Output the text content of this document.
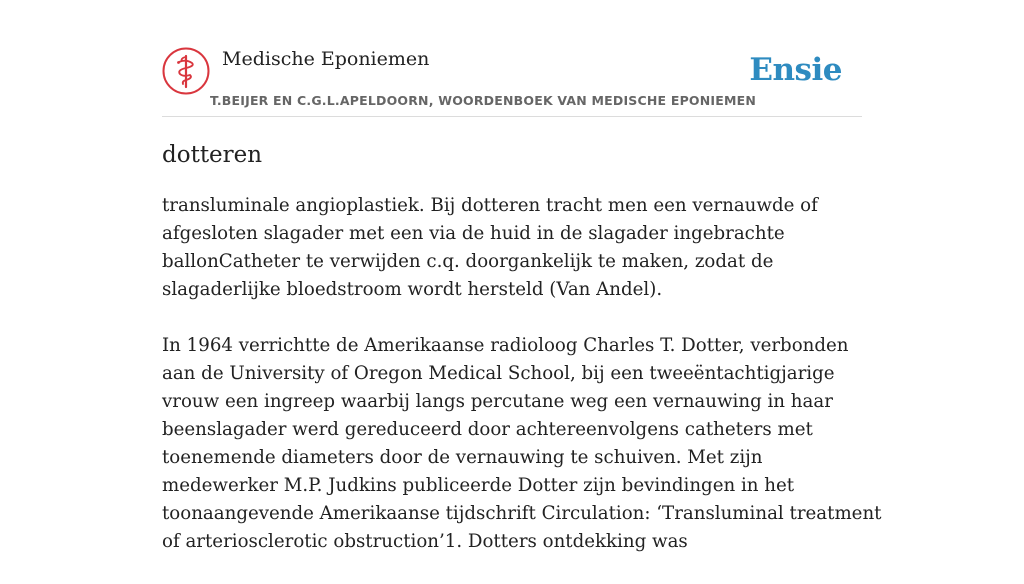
Medische Eponiemen
T.BEIJER EN C.G.L.APELDOORN, WOORDENBOEK VAN MEDISCHE EPONIEMEN
Ensie
dotteren

transluminale angioplastiek. Bij dotteren tracht men een vernauwde of afgesloten slagader met een via de huid in de slagader ingebrachte ballonCatheter te verwijden c.q. doorgankelijk te maken, zodat de slagaderlijke bloedstroom wordt hersteld (Van Andel).

In 1964 verrichtte de Amerikaanse radioloog Charles T. Dotter, verbonden aan de University of Oregon Medical School, bij een tweeëntachtigjarige vrouw een ingreep waarbij langs percutane weg een vernauwing in haar beenslagader werd gereduceerd door achtereenvolgens catheters met toenemende diameters door de vernauwing te schuiven. Met zijn medewerker M.P. Judkins publiceerde Dotter zijn bevindingen in het toonaangevende Amerikaanse tijdschrift Circulation: ‘Transluminal treatment of arteriosclerotic obstruction’1. Dotters ontdekking was
